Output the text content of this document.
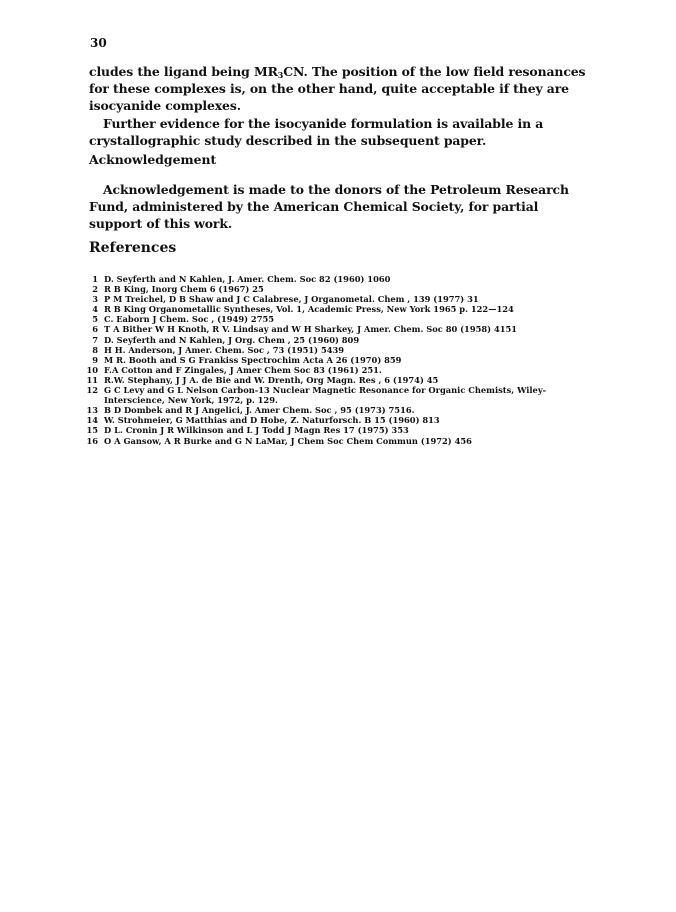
30

cludes the ligand being $MR_3CN$. The position of the low field resonances for these complexes is, on the other hand, quite acceptable if they are isocyanide complexes.

Further evidence for the isocyanide formulation is available in a crystallographic study described in the subsequent paper.

Acknowledgement
Acknowledgement is made to the donors of the Petroleum Research Fund, administered by the American Chemical Society, for partial support of this work.
References
1 D. Seyferth and N Kahlen, J. Amer. Chem. Soc 82 (1960) 1060
2 R B King, Inorg Chem 6 (1967) 25
3 P M Treichel, D B Shaw and J C Calabrese, J Organometal. Chem , 139 (1977) 31
4 R B King Organometallic Syntheses, Vol. 1, Academic Press, New York 1965 p. 122—124
5 C. Eaborn J Chem. Soc , (1949) 2755
6 T A Bither W H Knoth, R V. Lindsay and W H Sharkey, J Amer. Chem. Soc 80 (1958) 4151
7 D. Seyferth and N Kahlen, J Org. Chem , 25 (1960) 809
8 H H. Anderson, J Amer. Chem. Soc , 73 (1951) 5439
9 M R. Booth and S G Frankiss Spectrochim Acta A 26 (1970) 859
10 F.A Cotton and F Zingales, J Amer Chem Soc 83 (1961) 251.
11 R.W. Stephany, J J A. de Bie and W. Drenth, Org Magn. Res , 6 (1974) 45
12 G C Levy and G L Nelson Carbon-13 Nuclear Magnetic Resonance for Organic Chemists, Wiley-
Interscience, New York, 1972, p. 129.
13 B D Dombek and R J Angelici, J. Amer Chem. Soc , 95 (1973) 7516.
14 W. Strohmeier, G Matthias and D Hobe, Z. Naturforsch. B 15 (1960) 813
15 D L. Cronin J R Wilkinson and L J Todd J Magn Res 17 (1975) 353
16 O A Gansow, A R Burke and G N LaMar, J Chem Soc Chem Commun (1972) 456
